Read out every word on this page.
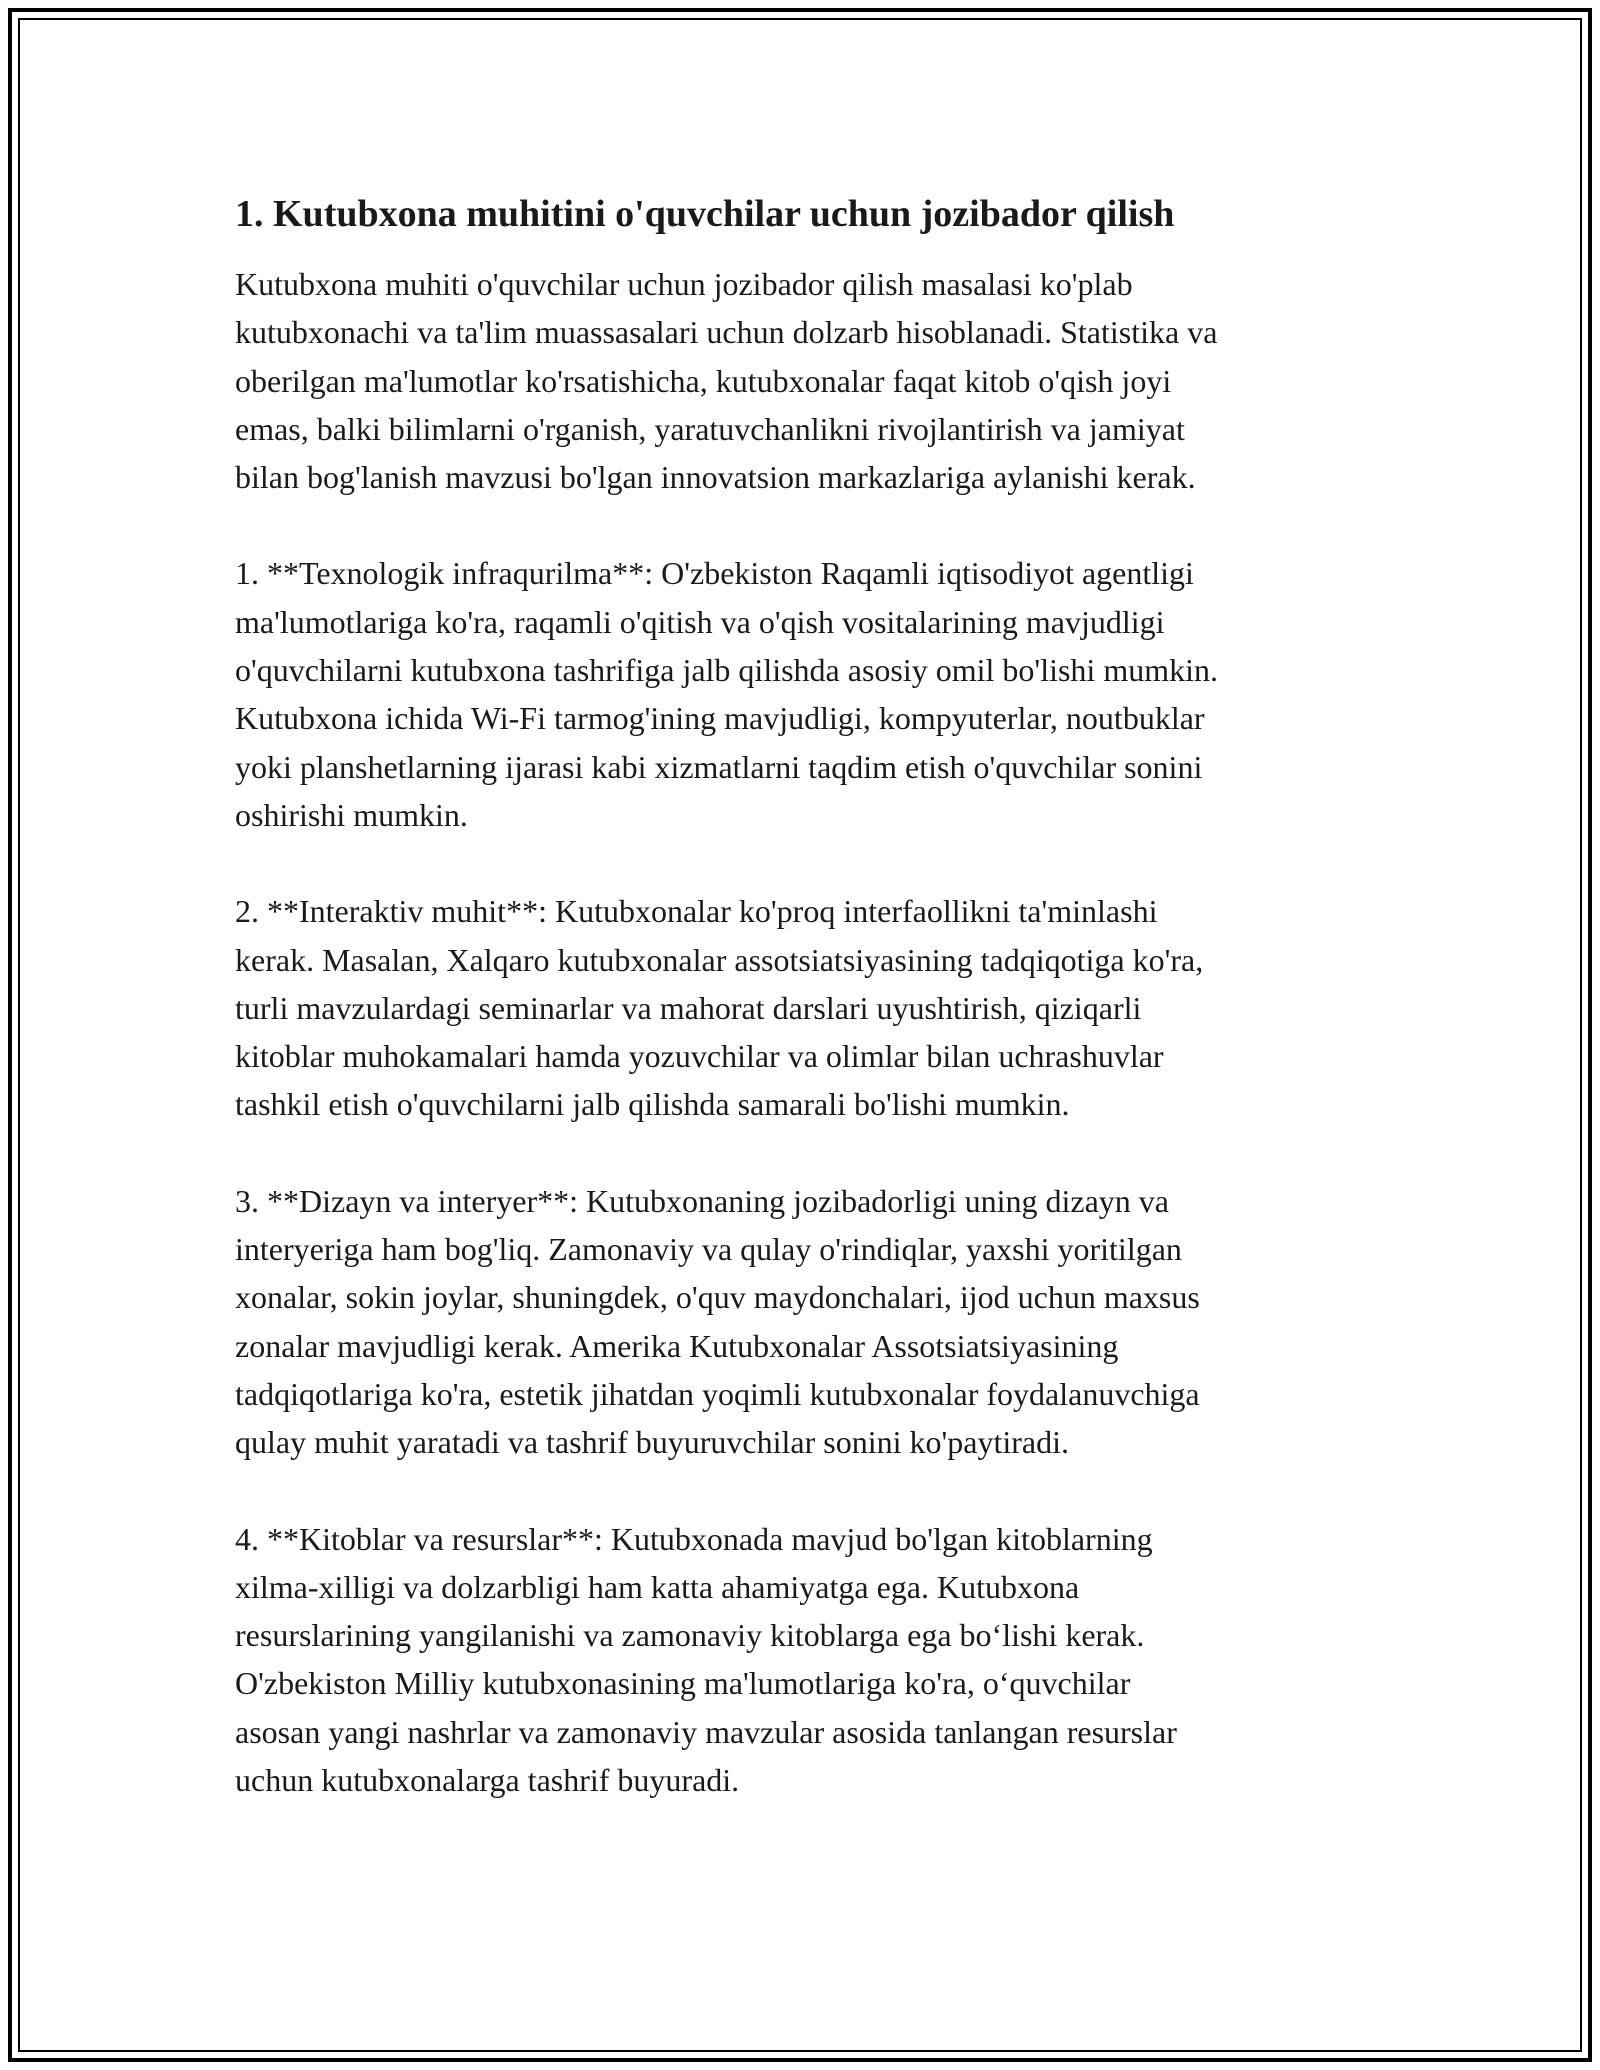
1. Kutubxona muhitini o'quvchilar uchun jozibador qilish

Kutubxona muhiti o'quvchilar uchun jozibador qilish masalasi ko'plab
kutubxonachi va ta'lim muassasalari uchun dolzarb hisoblanadi. Statistika va
oberilgan ma'lumotlar ko'rsatishicha, kutubxonalar faqat kitob o'qish joyi
emas, balki bilimlarni o'rganish, yaratuvchanlikni rivojlantirish va jamiyat
bilan bog'lanish mavzusi bo'lgan innovatsion markazlariga aylanishi kerak.

1. **Texnologik infraqurilma**: O'zbekiston Raqamli iqtisodiyot agentligi
ma'lumotlariga ko'ra, raqamli o'qitish va o'qish vositalarining mavjudligi
o'quvchilarni kutubxona tashrifiga jalb qilishda asosiy omil bo'lishi mumkin.
Kutubxona ichida Wi-Fi tarmog'ining mavjudligi, kompyuterlar, noutbuklar
yoki planshetlarning ijarasi kabi xizmatlarni taqdim etish o'quvchilar sonini
oshirishi mumkin.

2. **Interaktiv muhit**: Kutubxonalar ko'proq interfaollikni ta'minlashi
kerak. Masalan, Xalqaro kutubxonalar assotsiatsiyasining tadqiqotiga ko'ra,
turli mavzulardagi seminarlar va mahorat darslari uyushtirish, qiziqarli
kitoblar muhokamalari hamda yozuvchilar va olimlar bilan uchrashuvlar
tashkil etish o'quvchilarni jalb qilishda samarali bo'lishi mumkin.

3. **Dizayn va interyer**: Kutubxonaning jozibadorligi uning dizayn va
interyeriga ham bog'liq. Zamonaviy va qulay o'rindiqlar, yaxshi yoritilgan
xonalar, sokin joylar, shuningdek, o'quv maydonchalari, ijod uchun maxsus
zonalar mavjudligi kerak. Amerika Kutubxonalar Assotsiatsiyasining
tadqiqotlariga ko'ra, estetik jihatdan yoqimli kutubxonalar foydalanuvchiga
qulay muhit yaratadi va tashrif buyuruvchilar sonini ko'paytiradi.

4. **Kitoblar va resurslar**: Kutubxonada mavjud bo'lgan kitoblarning
xilma-xilligi va dolzarbligi ham katta ahamiyatga ega. Kutubxona
resurslarining yangilanishi va zamonaviy kitoblarga ega bo‘lishi kerak.
O'zbekiston Milliy kutubxonasining ma'lumotlariga ko'ra, o‘quvchilar
asosan yangi nashrlar va zamonaviy mavzular asosida tanlangan resurslar
uchun kutubxonalarga tashrif buyuradi.
